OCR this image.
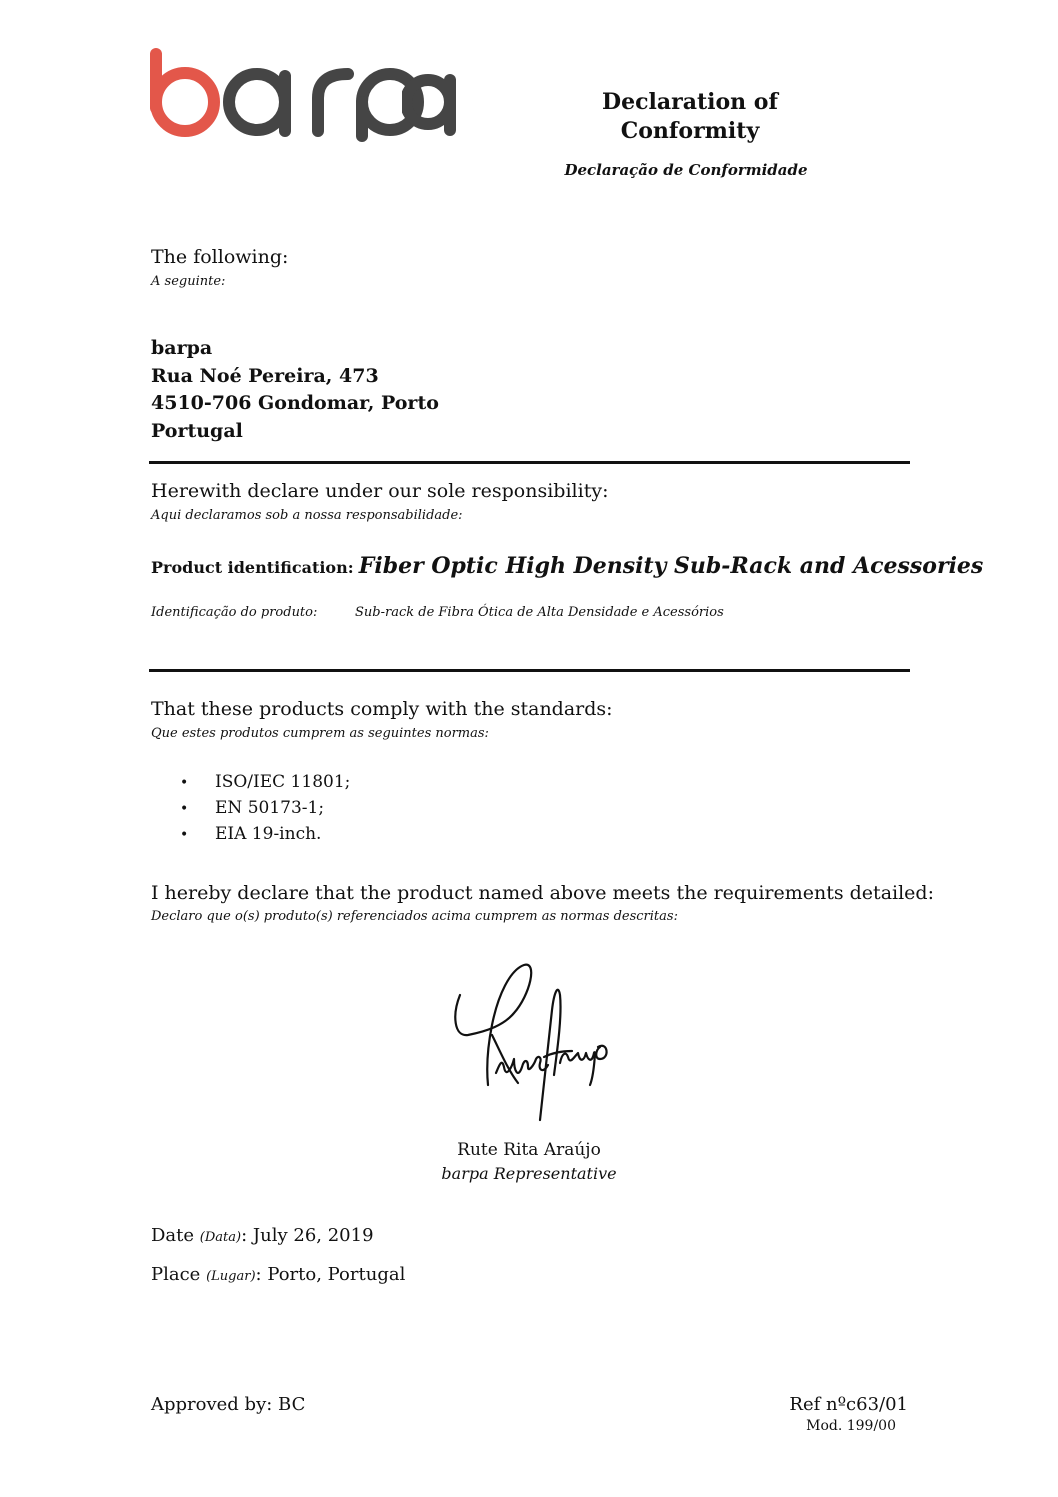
Declaration of
Conformity
Declaração de Conformidade
The following:
A seguinte:
barpa
Rua Noé Pereira, 473
4510-706 Gondomar, Porto
Portugal
Herewith declare under our sole responsibility:
Aqui declaramos sob a nossa responsabilidade:
Product identification: Fiber Optic High Density Sub-Rack and Acessories
Identificação do produto:	Sub-rack de Fibra Ótica de Alta Densidade e Acessórios
That these products comply with the standards:
Que estes produtos cumprem as seguintes normas:
•	ISO/IEC 11801;
•	EN 50173-1;
•	EIA 19-inch.
I hereby declare that the product named above meets the requirements detailed:
Declaro que o(s) produto(s) referenciados acima cumprem as normas descritas:
Rute Rita Araújo
barpa Representative
Date (Data): July 26, 2019
Place (Lugar): Porto, Portugal
Approved by: BC	Ref nºc63/01
Mod. 199/00
